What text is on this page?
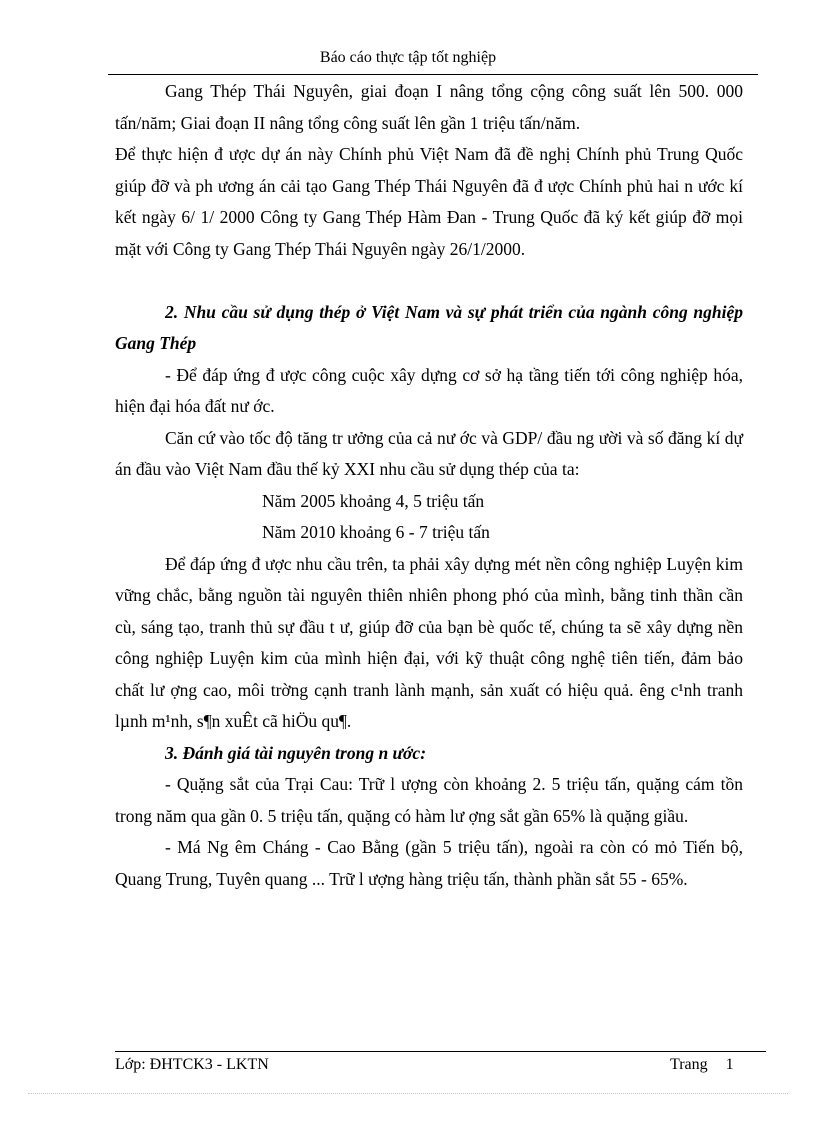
Báo cáo thực tập tốt nghiệp

Gang Thép Thái Nguyên, giai đoạn I nâng tổng cộng công suất lên 500. 000 tấn/năm; Giai đoạn II nâng tổng công suất lên gần 1 triệu tấn/năm.

Để thực hiện đ ược dự án này Chính phủ Việt Nam đã đề nghị Chính phủ Trung Quốc giúp đỡ và ph ương án cải tạo Gang Thép Thái Nguyên đã đ ược Chính phủ hai n ước kí kết ngày 6/ 1/ 2000 Công ty Gang Thép Hàm Đan - Trung Quốc đã ký kết giúp đỡ mọi mặt với Công ty Gang Thép Thái Nguyên ngày 26/1/2000.

2. Nhu cầu sử dụng thép ở Việt Nam và sự phát triển của ngành công nghiệp Gang Thép

- Để đáp ứng đ ược công cuộc xây dựng cơ sở hạ tầng tiến tới công nghiệp hóa, hiện đại hóa đất nư ớc.

Căn cứ vào tốc độ tăng tr ưởng của cả nư ớc và GDP/ đầu ng ười và số đăng kí dự án đầu vào Việt Nam đầu thế kỷ XXI nhu cầu sử dụng thép của ta:

Năm 2005 khoảng 4, 5 triệu tấn

Năm 2010 khoảng 6 - 7 triệu tấn

Để đáp ứng đ ược nhu cầu trên, ta phải xây dựng mét nền công nghiệp Luyện kim vững chắc, bằng nguồn tài nguyên thiên nhiên phong phó của mình, bằng tinh thần cần cù, sáng tạo, tranh thủ sự đầu t ư, giúp đỡ của bạn bè quốc tế, chúng ta sẽ xây dựng nền công nghiệp Luyện kim của mình hiện đại, với kỹ thuật công nghệ tiên tiến, đảm bảo chất lư ợng cao, môi trờng cạnh tranh lành mạnh, sản xuất có hiệu quả. êng c¹nh tranh lµnh m¹nh, s¶n xuÊt cã hiÖu qu¶.

3. Đánh giá tài nguyên trong n ước:

- Quặng sắt của Trại Cau: Trữ l ượng còn khoảng 2. 5 triệu tấn, quặng cám tồn trong năm qua gần 0. 5 triệu tấn, quặng có hàm lư ợng sắt gần 65% là quặng giầu.

- Má Ng êm Cháng - Cao Bằng (gần 5 triệu tấn), ngoài ra còn có mỏ Tiến bộ, Quang Trung, Tuyên quang ... Trữ l ượng hàng triệu tấn, thành phần sắt 55 - 65%.

Lớp: ĐHTCK3 - LKTN	Trang 1
